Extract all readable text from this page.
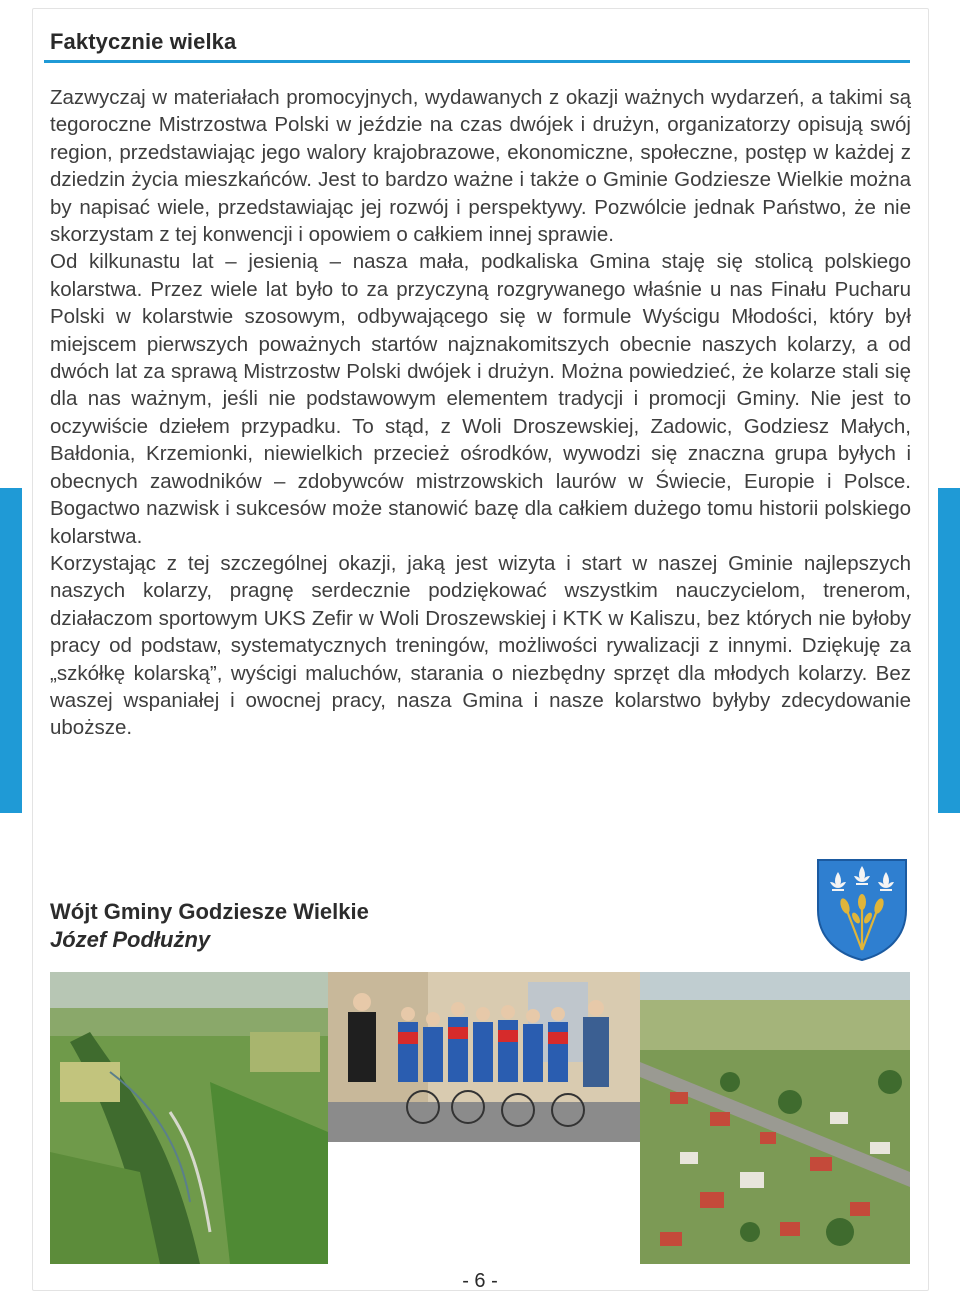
Faktycznie wielka

Zazwyczaj w materiałach promocyjnych, wydawanych z okazji ważnych wydarzeń, a takimi są tegoroczne Mistrzostwa Polski w jeździe na czas dwójek i drużyn, organizatorzy opisują swój region, przedstawiając jego walory krajobrazowe, ekonomiczne, społeczne, postęp w każdej z dziedzin życia mieszkańców. Jest to bardzo ważne i także o Gminie Godziesze Wielkie można by napisać wiele, przedstawiając jej rozwój i perspektywy. Pozwólcie jednak Państwo, że nie skorzystam z tej konwencji i opowiem o całkiem innej sprawie.

Od kilkunastu lat – jesienią – nasza mała, podkaliska Gmina staję się stolicą polskiego kolarstwa. Przez wiele lat było to za przyczyną rozgrywanego właśnie u nas Finału Pucharu Polski w kolarstwie szosowym, odbywającego się w formule Wyścigu Młodości, który był miejscem pierwszych poważnych startów najznakomitszych obecnie naszych kolarzy, a od dwóch lat za sprawą Mistrzostw Polski dwójek i drużyn. Można powiedzieć, że kolarze stali się dla nas ważnym, jeśli nie podstawowym elementem tradycji i promocji Gminy. Nie jest to oczywiście dziełem przypadku. To stąd, z Woli Droszewskiej, Zadowic, Godziesz Małych, Bałdonia, Krzemionki, niewielkich przecież ośrodków, wywodzi się znaczna grupa byłych i obecnych zawodników – zdobywców mistrzowskich laurów w Świecie, Europie i Polsce. Bogactwo nazwisk i sukcesów może stanowić bazę dla całkiem dużego tomu historii polskiego kolarstwa.

Korzystając z tej szczególnej okazji, jaką jest wizyta i start w naszej Gminie najlepszych naszych kolarzy, pragnę serdecznie podziękować wszystkim nauczycielom, trenerom, działaczom sportowym UKS Zefir w Woli Droszewskiej i KTK w Kaliszu, bez których nie byłoby pracy od podstaw, systematycznych treningów, możliwości rywalizacji z innymi. Dziękuję za „szkółkę kolarską”, wyścigi maluchów, starania o niezbędny sprzęt dla młodych kolarzy. Bez waszej wspaniałej i owocnej pracy, nasza Gmina i nasze kolarstwo byłyby zdecydowanie uboższe.

Wójt Gminy Godziesze Wielkie
Józef Podłużny
- 6 -
